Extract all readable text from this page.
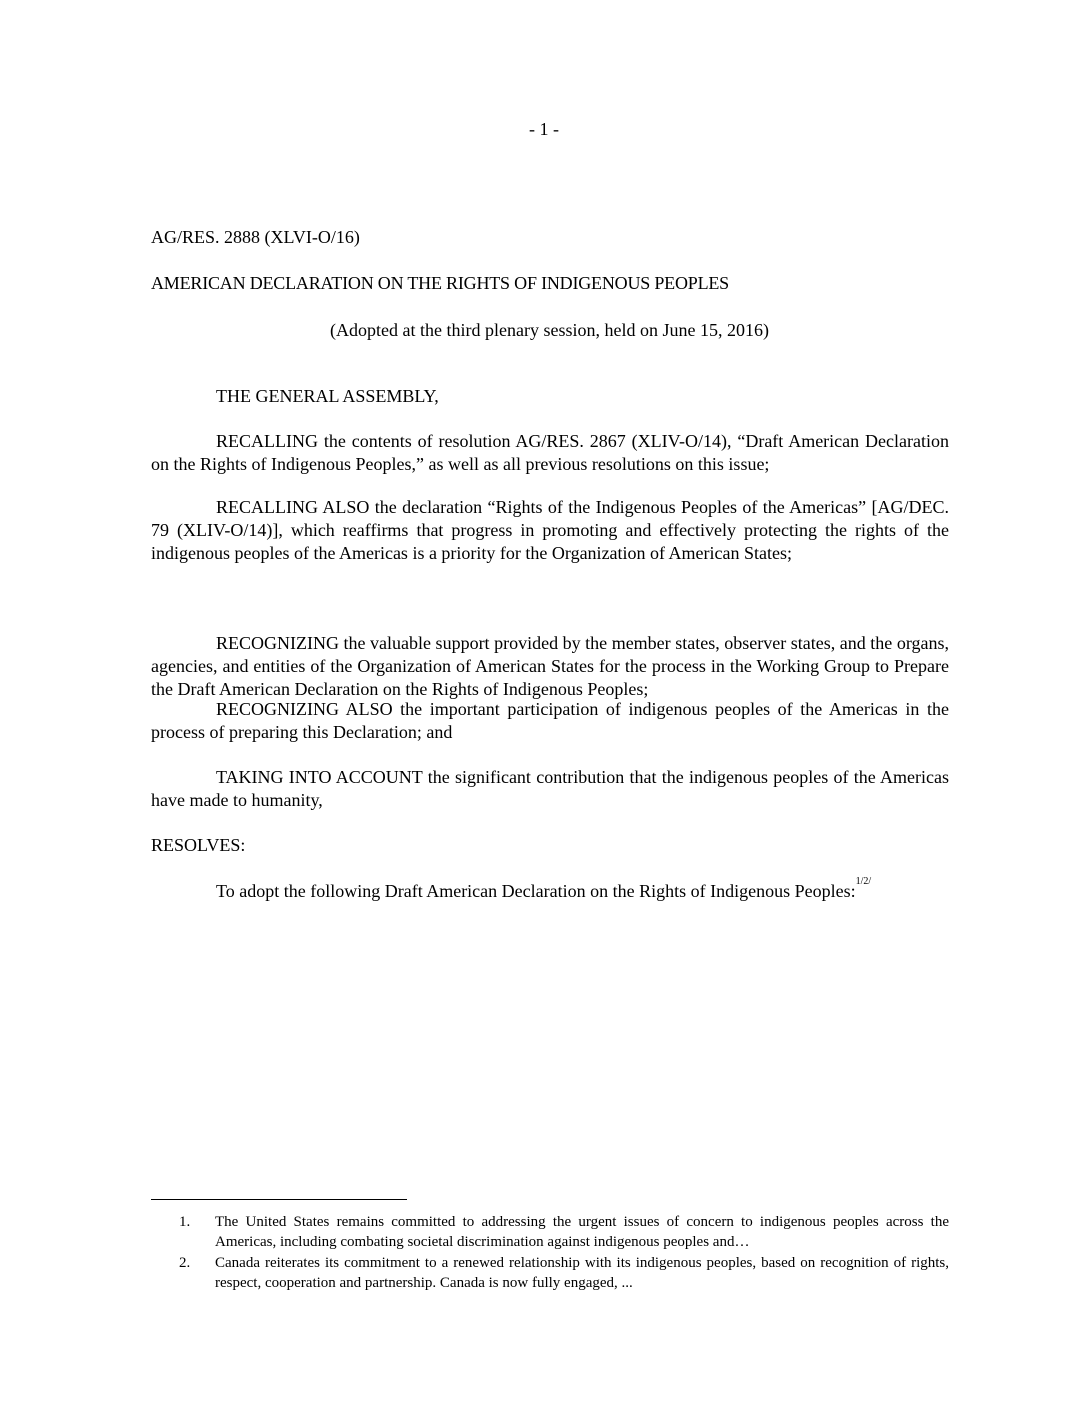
- 1 -
AG/RES. 2888 (XLVI-O/16)
AMERICAN DECLARATION ON THE RIGHTS OF INDIGENOUS PEOPLES
(Adopted at the third plenary session, held on June 15, 2016)
THE GENERAL ASSEMBLY,

RECALLING the contents of resolution AG/RES. 2867 (XLIV-O/14), “Draft American Declaration on the Rights of Indigenous Peoples,” as well as all previous resolutions on this issue;

RECALLING ALSO the declaration “Rights of the Indigenous Peoples of the Americas” [AG/DEC. 79 (XLIV-O/14)], which reaffirms that progress in promoting and effectively protecting the rights of the indigenous peoples of the Americas is a priority for the Organization of American States;

RECOGNIZING the valuable support provided by the member states, observer states, and the organs, agencies, and entities of the Organization of American States for the process in the Working Group to Prepare the Draft American Declaration on the Rights of Indigenous Peoples;

RECOGNIZING ALSO the important participation of indigenous peoples of the Americas in the process of preparing this Declaration; and

TAKING INTO ACCOUNT the significant contribution that the indigenous peoples of the Americas have made to humanity,

RESOLVES:
To adopt the following Draft American Declaration on the Rights of Indigenous Peoples:$^{1/2/}$
1. The United States remains committed to addressing the urgent issues of concern to indigenous peoples across the Americas, including combating societal discrimination against indigenous peoples and…
2. Canada reiterates its commitment to a renewed relationship with its indigenous peoples, based on recognition of rights, respect, cooperation and partnership. Canada is now fully engaged, ...
